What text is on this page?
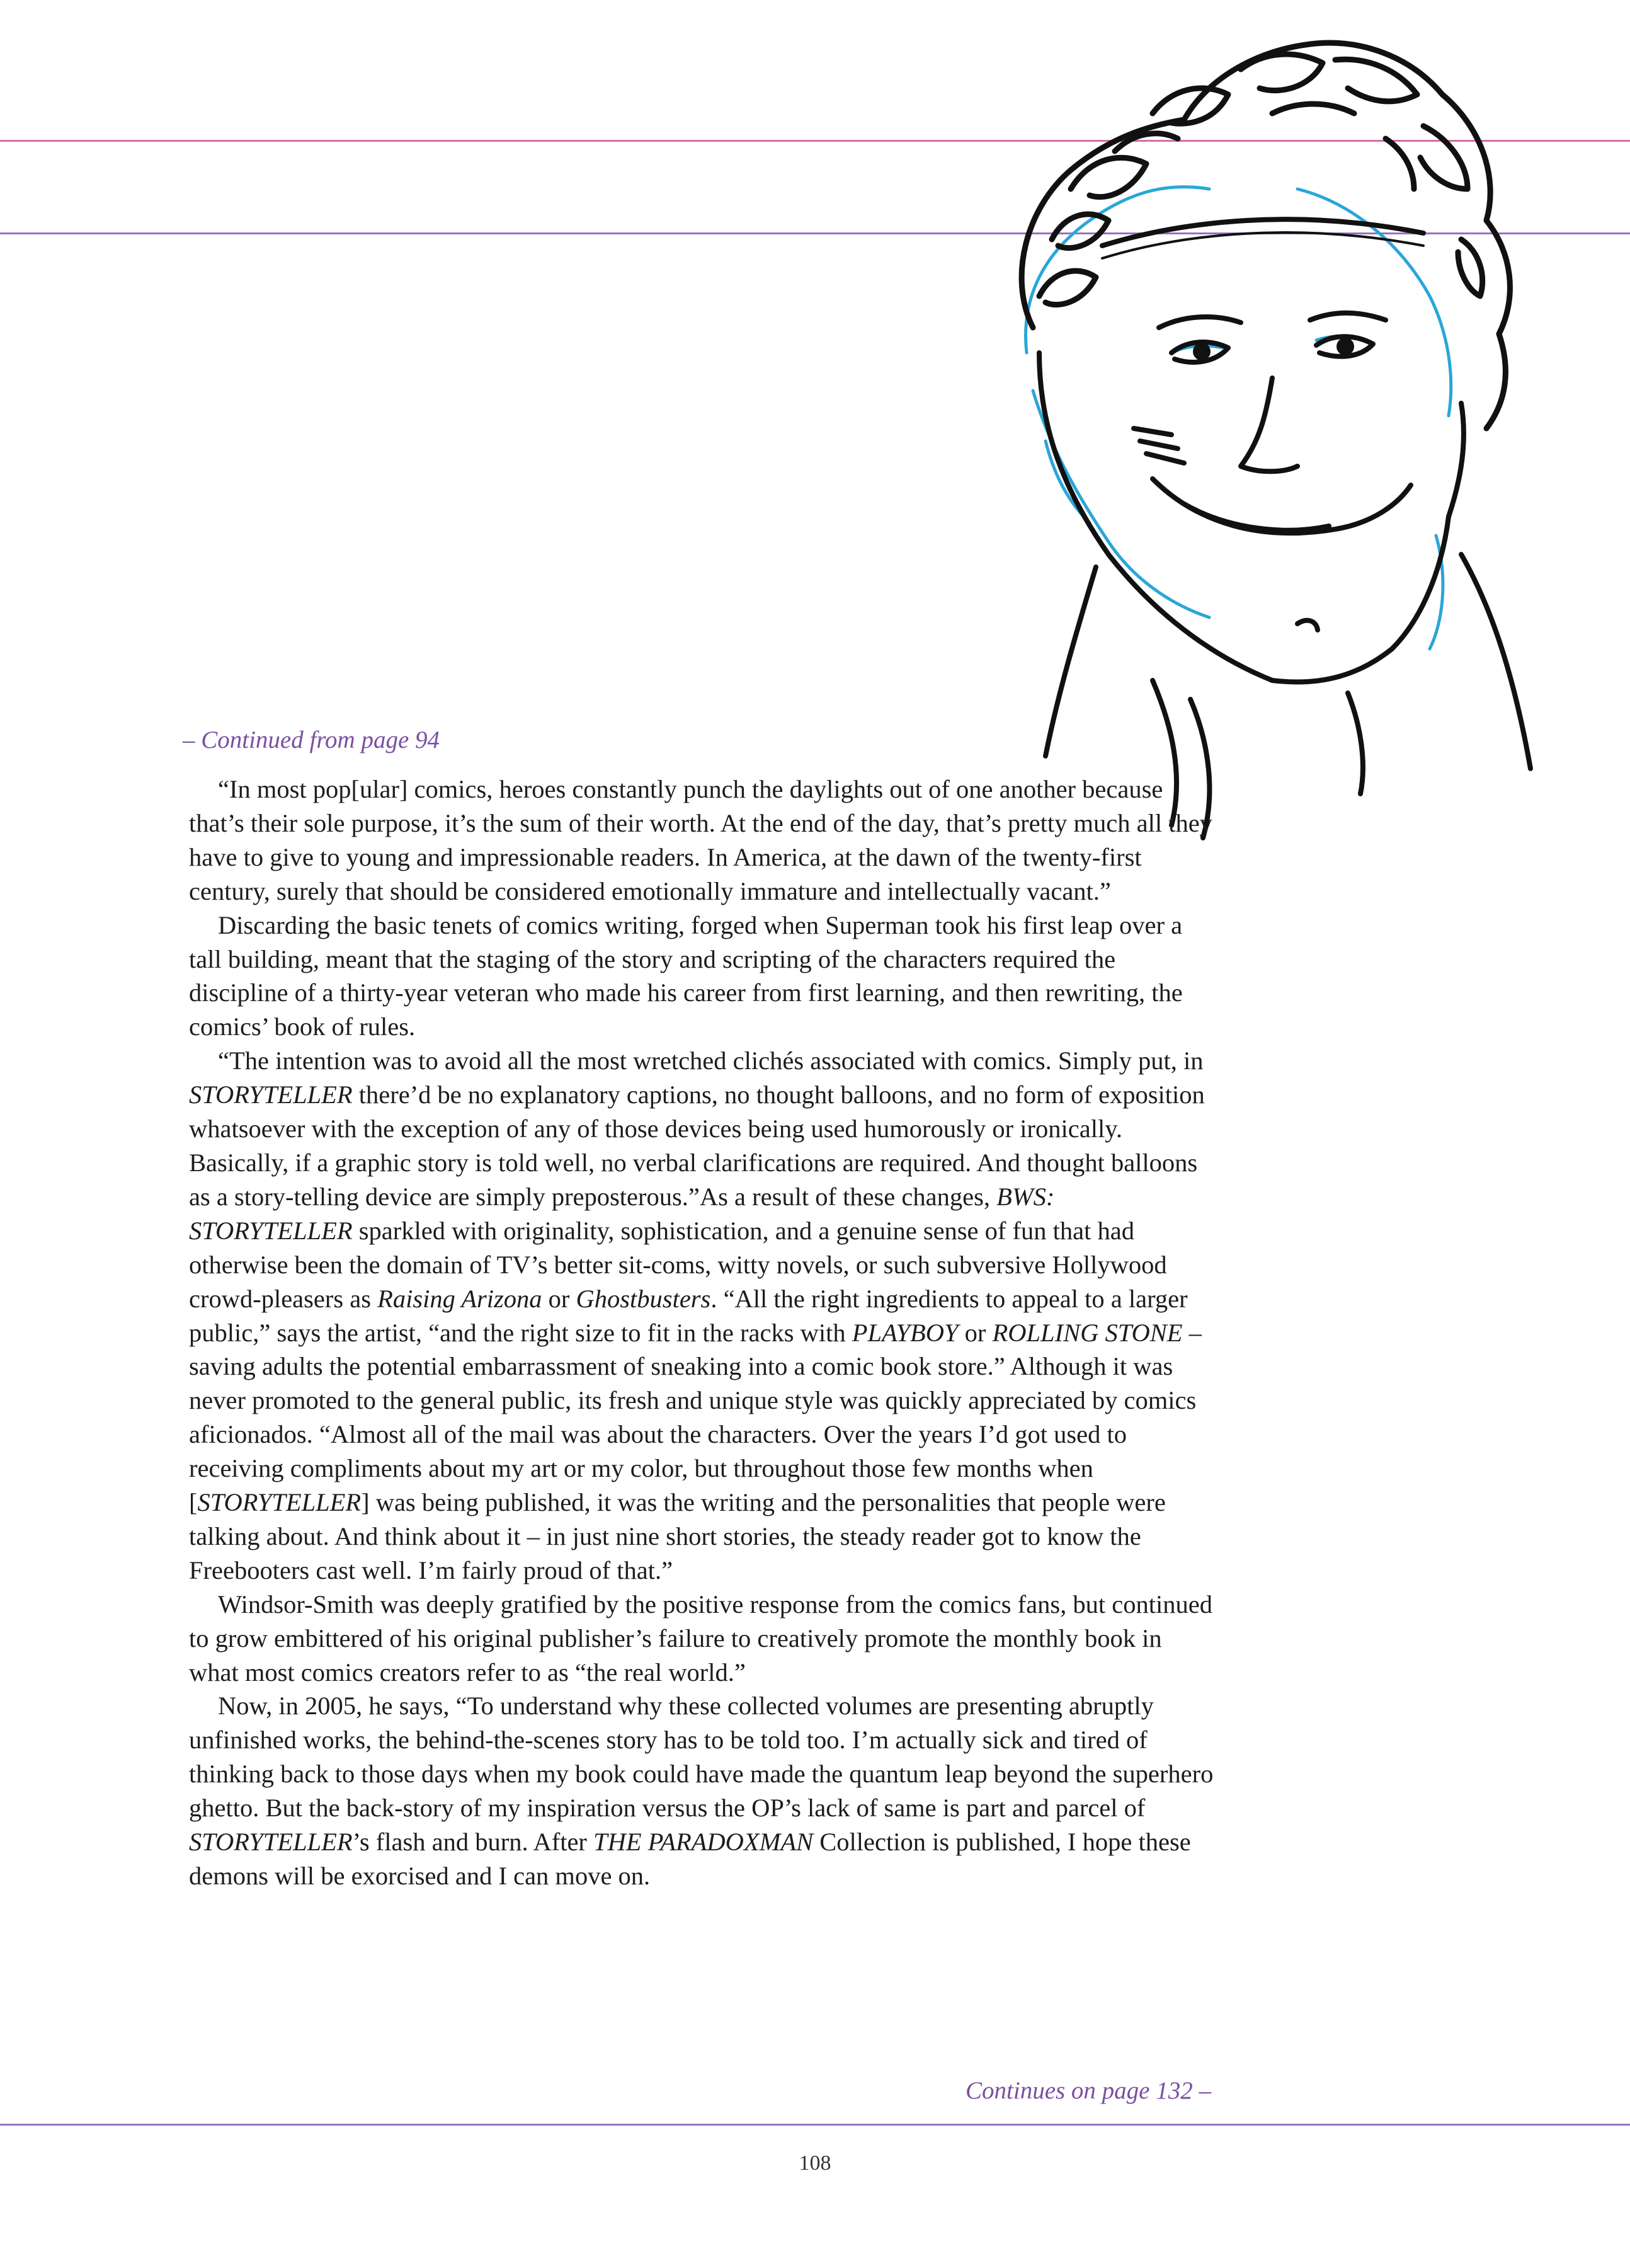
– Continued from page 94

“In most pop[ular] comics, heroes constantly punch the daylights out of one another because that’s their sole purpose, it’s the sum of their worth. At the end of the day, that’s pretty much all they have to give to young and impressionable readers. In America, at the dawn of the twenty-first century, surely that should be considered emotionally immature and intellectually vacant.”

Discarding the basic tenets of comics writing, forged when Superman took his first leap over a tall building, meant that the staging of the story and scripting of the characters required the discipline of a thirty-year veteran who made his career from first learning, and then rewriting, the comics’ book of rules.

“The intention was to avoid all the most wretched clichés associated with comics. Simply put, in STORYTELLER there’d be no explanatory captions, no thought balloons, and no form of exposition whatsoever with the exception of any of those devices being used humorously or ironically. Basically, if a graphic story is told well, no verbal clarifications are required. And thought balloons as a story-telling device are simply preposterous.”As a result of these changes, BWS: STORYTELLER sparkled with originality, sophistication, and a genuine sense of fun that had otherwise been the domain of TV’s better sit-coms, witty novels, or such subversive Hollywood crowd-pleasers as Raising Arizona or Ghostbusters. “All the right ingredients to appeal to a larger public,” says the artist, “and the right size to fit in the racks with PLAYBOY or ROLLING STONE – saving adults the potential embarrassment of sneaking into a comic book store.” Although it was never promoted to the general public, its fresh and unique style was quickly appreciated by comics aficionados. “Almost all of the mail was about the characters. Over the years I’d got used to receiving compliments about my art or my color, but throughout those few months when [STORYTELLER] was being published, it was the writing and the personalities that people were talking about. And think about it – in just nine short stories, the steady reader got to know the Freebooters cast well. I’m fairly proud of that.”

Windsor-Smith was deeply gratified by the positive response from the comics fans, but continued to grow embittered of his original publisher’s failure to creatively promote the monthly book in what most comics creators refer to as “the real world.”

Now, in 2005, he says, “To understand why these collected volumes are presenting abruptly unfinished works, the behind-the-scenes story has to be told too. I’m actually sick and tired of thinking back to those days when my book could have made the quantum leap beyond the superhero ghetto. But the back-story of my inspiration versus the OP’s lack of same is part and parcel of STORYTELLER’s flash and burn. After THE PARADOXMAN Collection is published, I hope these demons will be exorcised and I can move on.

Continues on page 132 –
108
